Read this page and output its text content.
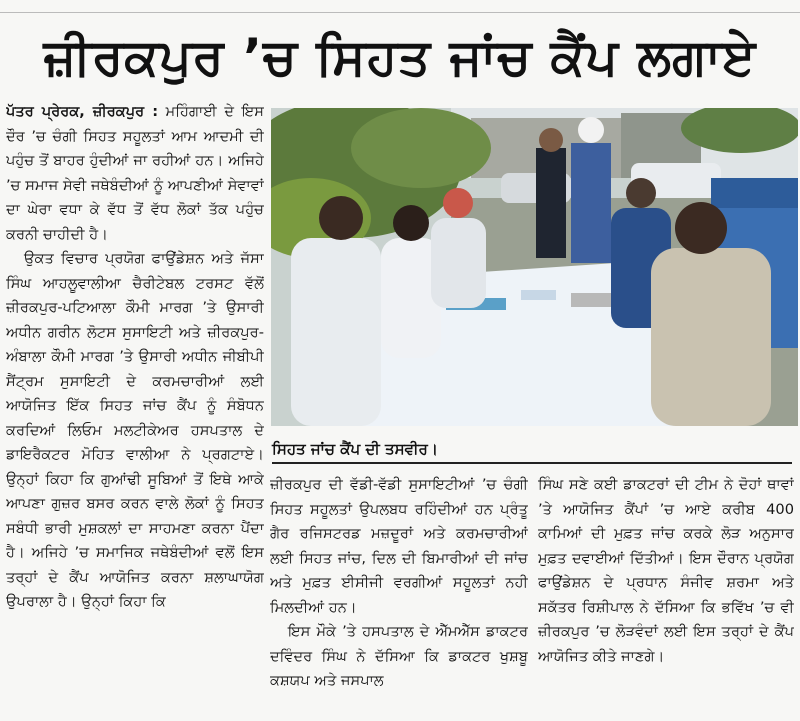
ਜ਼ੀਰਕਪੁਰ ’ਚ ਸਿਹਤ ਜਾਂਚ ਕੈਂਪ ਲਗਾਏ

ਪੱਤਰ ਪ੍ਰੇਰਕ, ਜ਼ੀਰਕਪੁਰ : ਮਹਿੰਗਾਈ ਦੇ ਇਸ ਦੌਰ ’ਚ ਚੰਗੀ ਸਿਹਤ ਸਹੂਲਤਾਂ ਆਮ ਆਦਮੀ ਦੀ ਪਹੁੰਚ ਤੋਂ ਬਾਹਰ ਹੁੰਦੀਆਂ ਜਾ ਰਹੀਆਂ ਹਨ। ਅਜਿਹੇ ’ਚ ਸਮਾਜ ਸੇਵੀ ਜਥੇਬੰਦੀਆਂ ਨੂੰ ਆਪਣੀਆਂ ਸੇਵਾਵਾਂ ਦਾ ਘੇਰਾ ਵਧਾ ਕੇ ਵੱਧ ਤੋਂ ਵੱਧ ਲੋਕਾਂ ਤੱਕ ਪਹੁੰਚ ਕਰਨੀ ਚਾਹੀਦੀ ਹੈ।

ਉਕਤ ਵਿਚਾਰ ਪ੍ਰਯੋਗ ਫਾਉਂਡੇਸ਼ਨ ਅਤੇ ਜੱਸਾ ਸਿੰਘ ਆਹਲੂਵਾਲੀਆ ਚੈਰੀਟੇਬਲ ਟਰਸਟ ਵੱਲੋਂ ਜ਼ੀਰਕਪੁਰ-ਪਟਿਆਲਾ ਕੌਮੀ ਮਾਰਗ ’ਤੇ ਉਸਾਰੀ ਅਧੀਨ ਗਰੀਨ ਲੋਟਸ ਸੁਸਾਇਟੀ ਅਤੇ ਜ਼ੀਰਕਪੁਰ-ਅੰਬਾਲਾ ਕੌਮੀ ਮਾਰਗ ’ਤੇ ਉਸਾਰੀ ਅਧੀਨ ਜੀਬੀਪੀ ਸੈਂਟ੍ਰਮ ਸੁਸਾਇਟੀ ਦੇ ਕਰਮਚਾਰੀਆਂ ਲਈ ਆਯੋਜਿਤ ਇੱਕ ਸਿਹਤ ਜਾਂਚ ਕੈਂਪ ਨੂੰ ਸੰਬੋਧਨ ਕਰਦਿਆਂ ਲਿਓਮ ਮਲਟੀਕੇਅਰ ਹਸਪਤਾਲ ਦੇ ਡਾਇਰੈਕਟਰ ਮੋਹਿਤ ਵਾਲੀਆ ਨੇ ਪ੍ਰਗਟਾਏ। ਉਨ੍ਹਾਂ ਕਿਹਾ ਕਿ ਗੁਆਂਢੀ ਸੂਬਿਆਂ ਤੋਂ ਇਥੇ ਆਕੇ ਆਪਣਾ ਗੁਜ਼ਰ ਬਸਰ ਕਰਨ ਵਾਲੇ ਲੋਕਾਂ ਨੂੰ ਸਿਹਤ ਸਬੰਧੀ ਭਾਰੀ ਮੁਸ਼ਕਲਾਂ ਦਾ ਸਾਹਮਣਾ ਕਰਨਾ ਪੈਂਦਾ ਹੈ। ਅਜਿਹੇ ’ਚ ਸਮਾਜਿਕ ਜਥੇਬੰਦੀਆਂ ਵਲੋਂ ਇਸ ਤਰ੍ਹਾਂ ਦੇ ਕੈਂਪ ਆਯੋਜਿਤ ਕਰਨਾ ਸ਼ਲਾਘਾਯੋਗ ਉਪਰਾਲਾ ਹੈ। ਉਨ੍ਹਾਂ ਕਿਹਾ ਕਿ

ਸਿਹਤ ਜਾਂਚ ਕੈਂਪ ਦੀ ਤਸਵੀਰ।

ਜ਼ੀਰਕਪੁਰ ਦੀ ਵੱਡੀ-ਵੱਡੀ ਸੁਸਾਇਟੀਆਂ ’ਚ ਚੰਗੀ ਸਿਹਤ ਸਹੂਲਤਾਂ ਉਪਲਬਧ ਰਹਿੰਦੀਆਂ ਹਨ ਪ੍ਰੰਤੂ ਗੈਰ ਰਜਿਸਟਰਡ ਮਜ਼ਦੂਰਾਂ ਅਤੇ ਕਰਮਚਾਰੀਆਂ ਲਈ ਸਿਹਤ ਜਾਂਚ, ਦਿਲ ਦੀ ਬਿਮਾਰੀਆਂ ਦੀ ਜਾਂਚ ਅਤੇ ਮੁਫ਼ਤ ਈਸੀਜੀ ਵਰਗੀਆਂ ਸਹੂਲਤਾਂ ਨਹੀ ਮਿਲਦੀਆਂ ਹਨ।

ਇਸ ਮੌਕੇ ’ਤੇ ਹਸਪਤਾਲ ਦੇ ਐੱਮਐੱਸ ਡਾਕਟਰ ਦਵਿੰਦਰ ਸਿੰਘ ਨੇ ਦੱਸਿਆ ਕਿ ਡਾਕਟਰ ਖੁਸ਼ਬੂ ਕਸ਼ਯਪ ਅਤੇ ਜਸਪਾਲ

ਸਿੰਘ ਸਣੇ ਕਈ ਡਾਕਟਰਾਂ ਦੀ ਟੀਮ ਨੇ ਦੋਹਾਂ ਥਾਵਾਂ ’ਤੇ ਆਯੋਜਿਤ ਕੈਂਪਾਂ ’ਚ ਆਏ ਕਰੀਬ 400 ਕਾਮਿਆਂ ਦੀ ਮੁਫ਼ਤ ਜਾਂਚ ਕਰਕੇ ਲੋੜ ਅਨੁਸਾਰ ਮੁਫ਼ਤ ਦਵਾਈਆਂ ਦਿੱਤੀਆਂ। ਇਸ ਦੌਰਾਨ ਪ੍ਰਯੋਗ ਫਾਉਂਡੇਸ਼ਨ ਦੇ ਪ੍ਰਧਾਨ ਸੰਜੀਵ ਸ਼ਰਮਾ ਅਤੇ ਸਕੱਤਰ ਰਿਸ਼ੀਪਾਲ ਨੇ ਦੱਸਿਆ ਕਿ ਭਵਿੱਖ ’ਚ ਵੀ ਜ਼ੀਰਕਪੁਰ ’ਚ ਲੋੜਵੰਦਾਂ ਲਈ ਇਸ ਤਰ੍ਹਾਂ ਦੇ ਕੈਂਪ ਆਯੋਜਿਤ ਕੀਤੇ ਜਾਣਗੇ।
